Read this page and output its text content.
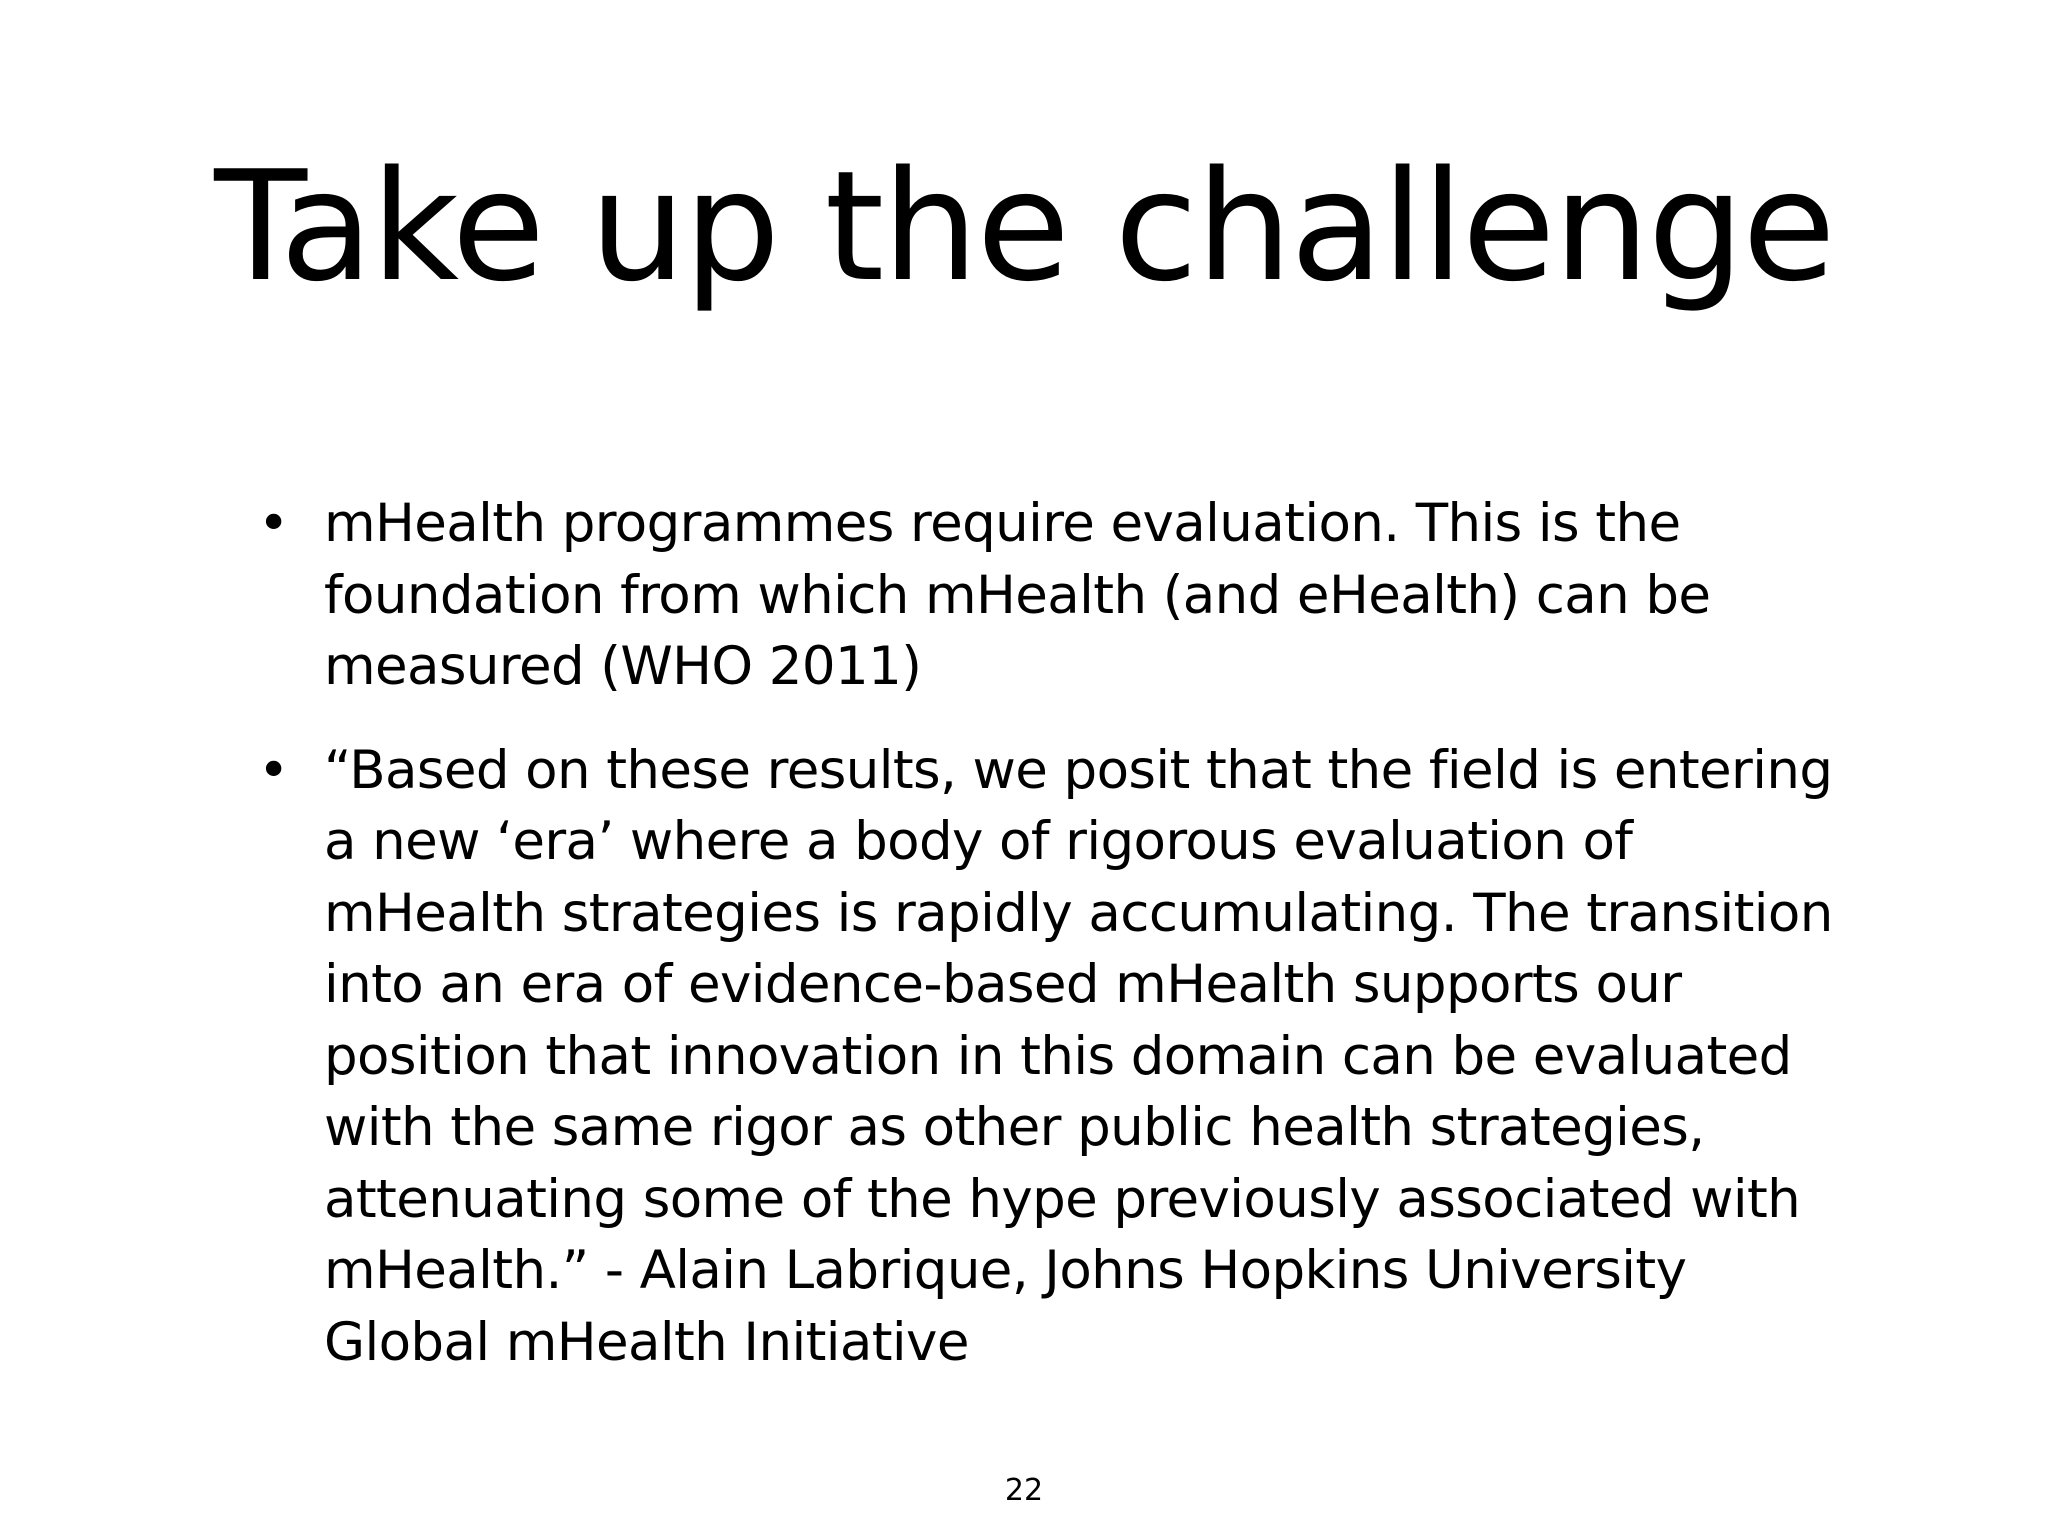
Take up the challenge
• mHealth programmes require evaluation. This is the foundation from which mHealth (and eHealth) can be measured (WHO 2011)
• “Based on these results, we posit that the field is entering a new ‘era’ where a body of rigorous evaluation of mHealth strategies is rapidly accumulating. The transition into an era of evidence-based mHealth supports our position that innovation in this domain can be evaluated with the same rigor as other public health strategies, attenuating some of the hype previously associated with mHealth.” - Alain Labrique, Johns Hopkins University Global mHealth Initiative
22
